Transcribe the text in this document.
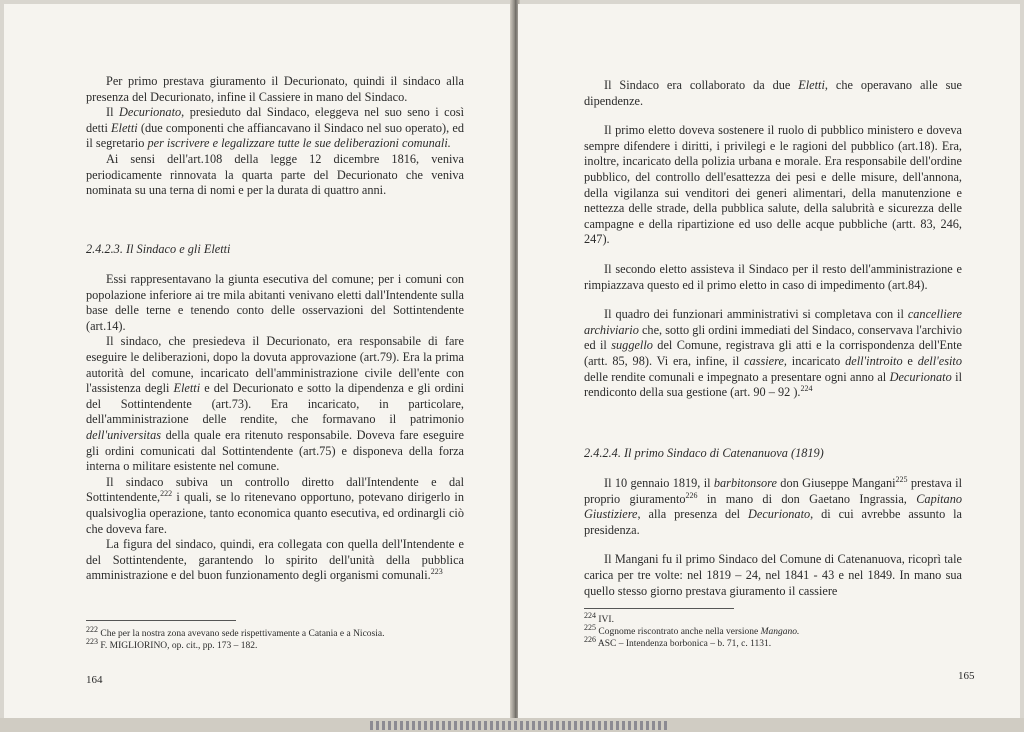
Per primo prestava giuramento il Decurionato, quindi il sindaco alla presenza del Decurionato, infine il Cassiere in mano del Sindaco.

Il Decurionato, presieduto dal Sindaco, eleggeva nel suo seno i così detti Eletti (due componenti che affiancavano il Sindaco nel suo operato), ed il segretario per iscrivere e legalizzare tutte le sue deliberazioni comunali.

Ai sensi dell'art.108 della legge 12 dicembre 1816, veniva periodicamente rinnovata la quarta parte del Decurionato che veniva nominata su una terna di nomi e per la durata di quattro anni.

2.4.2.3. Il Sindaco e gli Eletti

Essi rappresentavano la giunta esecutiva del comune; per i comuni con popolazione inferiore ai tre mila abitanti venivano eletti dall'Intendente sulla base delle terne e tenendo conto delle osservazioni del Sottintendente (art.14).

Il sindaco, che presiedeva il Decurionato, era responsabile di fare eseguire le deliberazioni, dopo la dovuta approvazione (art.79). Era la prima autorità del comune, incaricato dell'amministrazione civile dell'ente con l'assistenza degli Eletti e del Decurionato e sotto la dipendenza e gli ordini del Sottintendente (art.73). Era incaricato, in particolare, dell'amministrazione delle rendite, che formavano il patrimonio dell'universitas della quale era ritenuto responsabile. Doveva fare eseguire gli ordini comunicati dal Sottintendente (art.75) e disponeva della forza interna o militare esistente nel comune.

Il sindaco subiva un controllo diretto dall'Intendente e dal Sottintendente,$^{222}$ i quali, se lo ritenevano opportuno, potevano dirigerlo in qualsivoglia operazione, tanto economica quanto esecutiva, ed ordinargli ciò che doveva fare.

La figura del sindaco, quindi, era collegata con quella dell'Intendente e del Sottintendente, garantendo lo spirito dell'unità della pubblica amministrazione e del buon funzionamento degli organismi comunali.$^{223}$

$^{222}$ Che per la nostra zona avevano sede rispettivamente a Catania e a Nicosia.
$^{223}$ F. MIGLIORINO, op. cit., pp. 173 – 182.
164

Il Sindaco era collaborato da due Eletti, che operavano alle sue dipendenze.

Il primo eletto doveva sostenere il ruolo di pubblico ministero e doveva sempre difendere i diritti, i privilegi e le ragioni del pubblico (art.18). Era, inoltre, incaricato della polizia urbana e morale. Era responsabile dell'ordine pubblico, del controllo dell'esattezza dei pesi e delle misure, dell'annona, della vigilanza sui venditori dei generi alimentari, della manutenzione e nettezza delle strade, della pubblica salute, della salubrità e sicurezza delle campagne e della ripartizione ed uso delle acque pubbliche (artt. 83, 246, 247).

Il secondo eletto assisteva il Sindaco per il resto dell'amministrazione e rimpiazzava questo ed il primo eletto in caso di impedimento (art.84).

Il quadro dei funzionari amministrativi si completava con il cancelliere archiviario che, sotto gli ordini immediati del Sindaco, conservava l'archivio ed il suggello del Comune, registrava gli atti e la corrispondenza dell'Ente (artt. 85, 98). Vi era, infine, il cassiere, incaricato dell'introito e dell'esito delle rendite comunali e impegnato a presentare ogni anno al Decurionato il rendiconto della sua gestione (art. 90 – 92 ).$^{224}$

2.4.2.4. Il primo Sindaco di Catenanuova (1819)

Il 10 gennaio 1819, il barbitonsore don Giuseppe Mangani$^{225}$ prestava il proprio giuramento$^{226}$ in mano di don Gaetano Ingrassia, Capitano Giustiziere, alla presenza del Decurionato, di cui avrebbe assunto la presidenza.

Il Mangani fu il primo Sindaco del Comune di Catenanuova, ricoprì tale carica per tre volte: nel 1819 – 24, nel 1841 - 43 e nel 1849. In mano sua quello stesso giorno prestava giuramento il cassiere

$^{224}$ IVI.
$^{225}$ Cognome riscontrato anche nella versione Mangano.
$^{226}$ ASC – Intendenza borbonica – b. 71, c. 1131.
165
